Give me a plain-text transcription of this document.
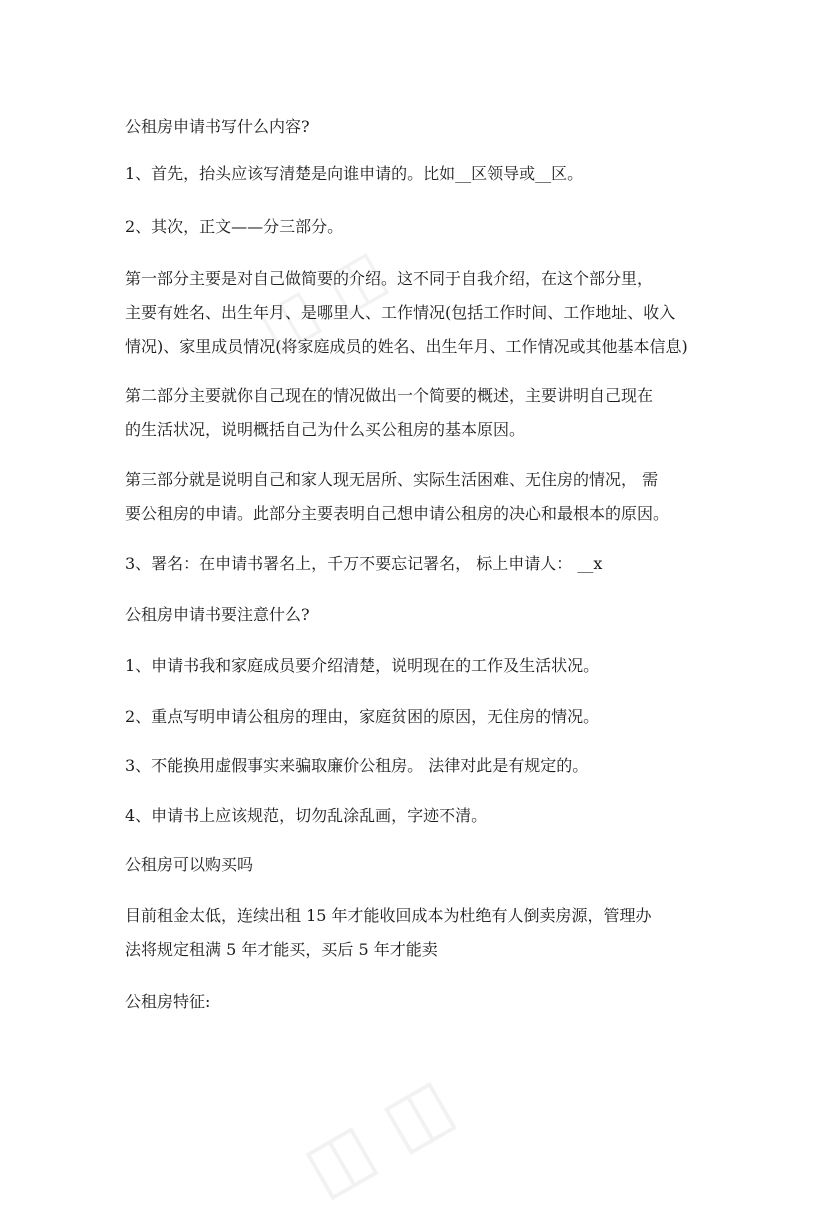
◫ ◫
◫ ◫

公租房申请书写什么内容?

1、首先，抬头应该写清楚是向谁申请的。比如__区领导或__区。

2、其次，正文——分三部分。

第一部分主要是对自己做简要的介绍。这不同于自我介绍，在这个部分里，

主要有姓名、出生年月、是哪里人、工作情况(包括工作时间、工作地址、收入

情况)、家里成员情况(将家庭成员的姓名、出生年月、工作情况或其他基本信息)

第二部分主要就你自己现在的情况做出一个简要的概述，主要讲明自己现在

的生活状况，说明概括自己为什么买公租房的基本原因。

第三部分就是说明自己和家人现无居所、实际生活困难、无住房的情况， 需

要公租房的申请。此部分主要表明自己想申请公租房的决心和最根本的原因。

3、署名：在申请书署名上，千万不要忘记署名， 标上申请人： __x

公租房申请书要注意什么?

1、申请书我和家庭成员要介绍清楚，说明现在的工作及生活状况。

2、重点写明申请公租房的理由，家庭贫困的原因，无住房的情况。

3、不能换用虚假事实来骗取廉价公租房。 法律对此是有规定的。

4、申请书上应该规范，切勿乱涂乱画，字迹不清。

公租房可以购买吗

目前租金太低，连续出租 15 年才能收回成本为杜绝有人倒卖房源，管理办

法将规定租满 5 年才能买，买后 5 年才能卖

公租房特征:
